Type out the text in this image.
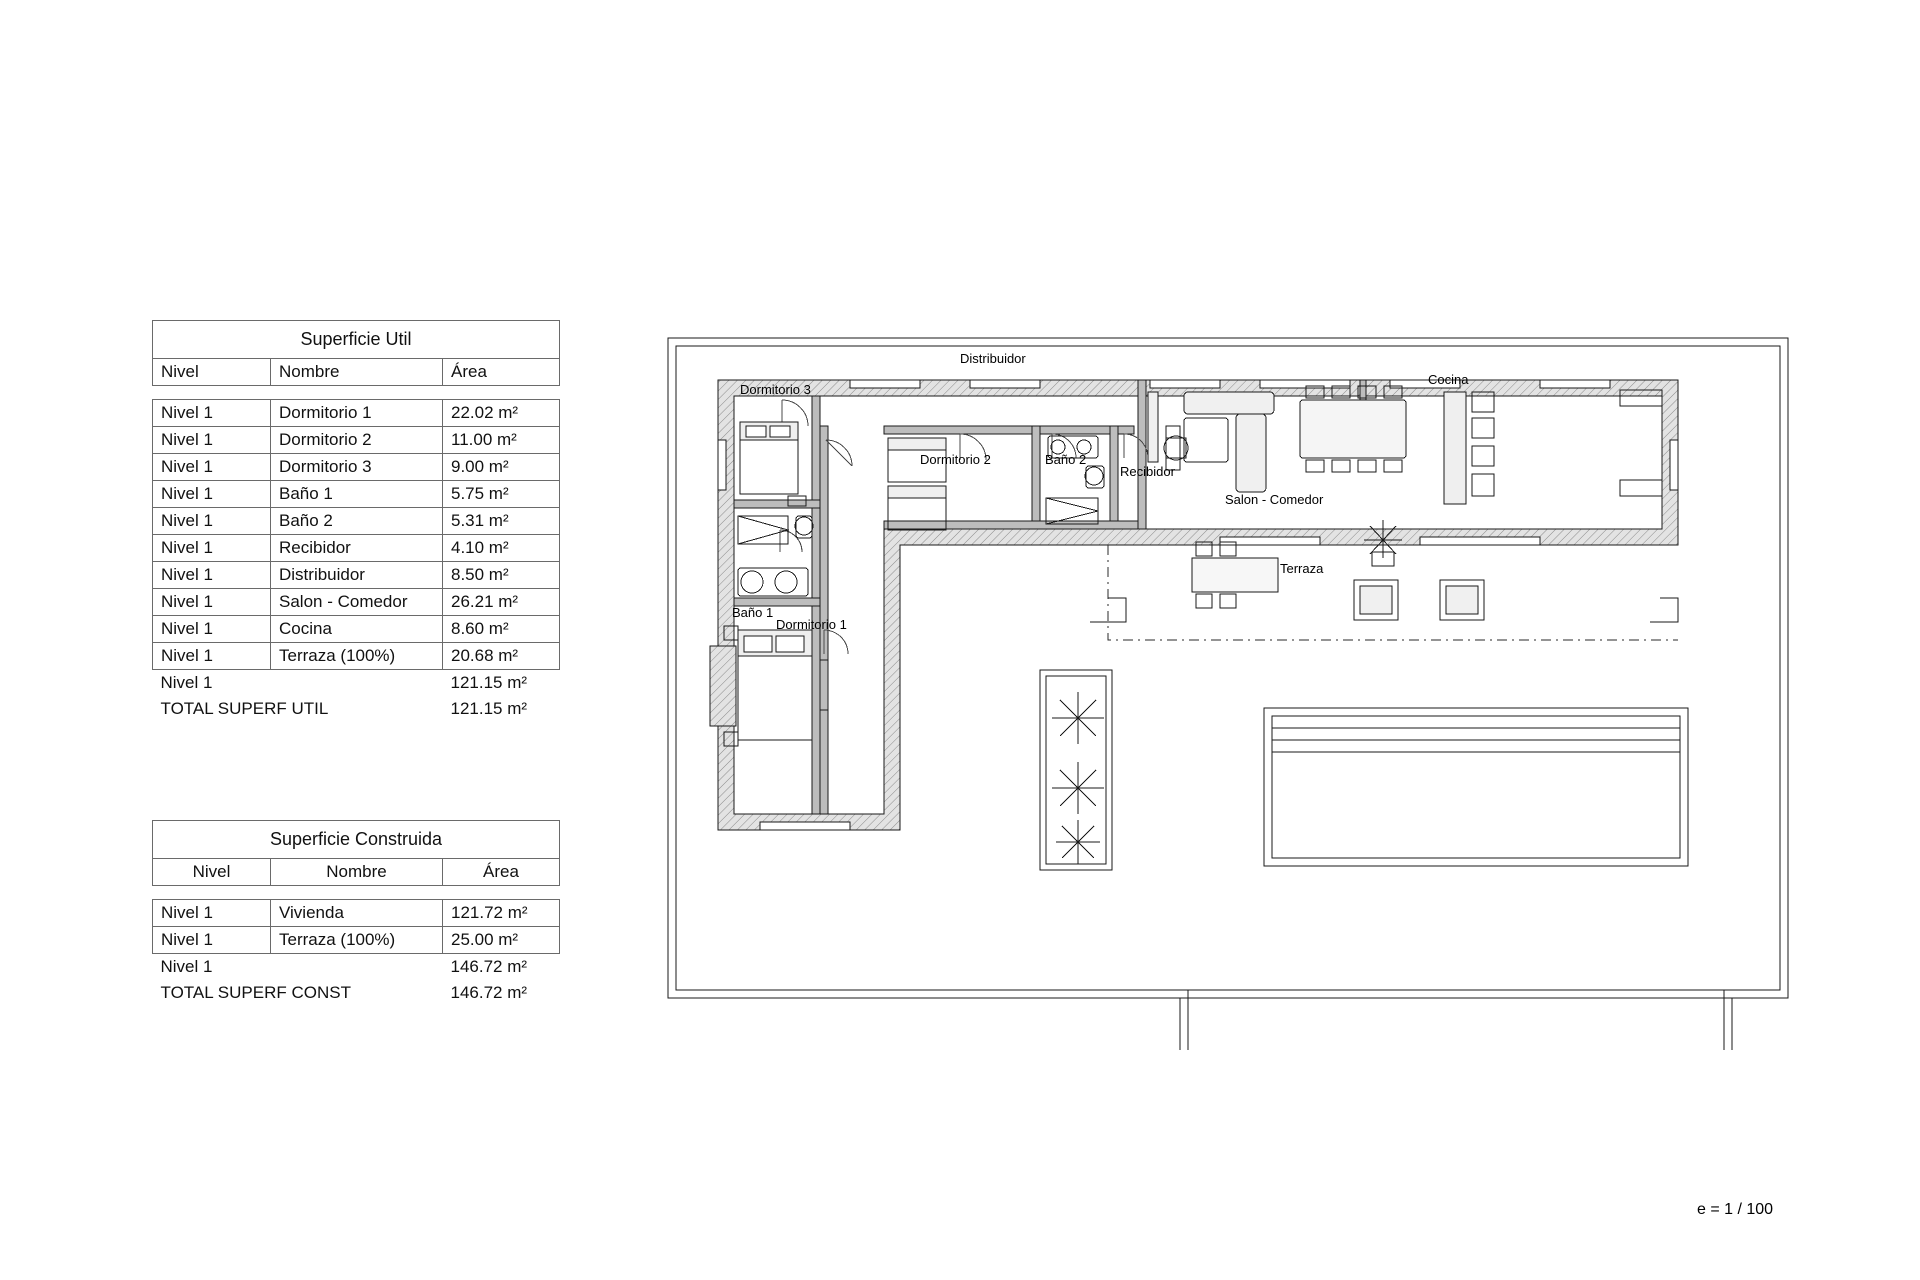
Superficie Util		
Nivel	Nombre	Área

Nivel 1	Dormitorio 1	22.02 m²
Nivel 1	Dormitorio 2	11.00 m²
Nivel 1	Dormitorio 3	9.00 m²
Nivel 1	Baño 1	5.75 m²
Nivel 1	Baño 2	5.31 m²
Nivel 1	Recibidor	4.10 m²
Nivel 1	Distribuidor	8.50 m²
Nivel 1	Salon - Comedor	26.21 m²
Nivel 1	Cocina	8.60 m²
Nivel 1	Terraza (100%)	20.68 m²
Nivel 1		121.15 m²
TOTAL SUPERF UTIL		121.15 m²
Superficie Construida		
Nivel	Nombre	Área

Nivel 1	Vivienda	121.72 m²
Nivel 1	Terraza (100%)	25.00 m²
Nivel 1		146.72 m²
TOTAL SUPERF CONST		146.72 m²
e = 1 / 100
Dormitorio 3
Dormitorio 2
Baño 1
Baño 2
Distribuidor
Recibidor
Salon - Comedor
Cocina
Terraza
Dormitorio 1
